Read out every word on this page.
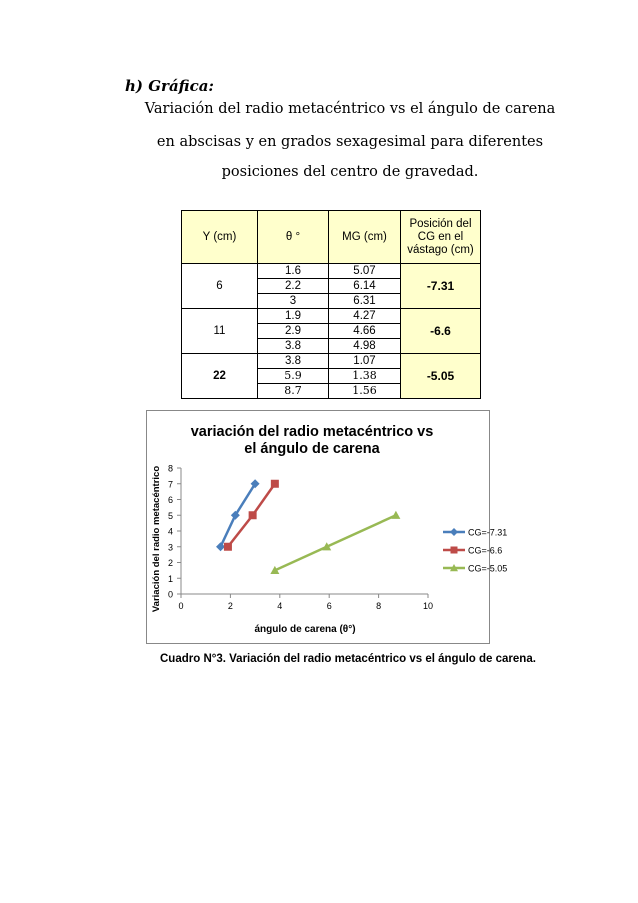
h) Gráfica:
Variación del radio metacéntrico vs el ángulo de carena
en abscisas y en grados sexagesimal para diferentes
posiciones del centro de gravedad.
Y (cm)	θ °	MG (cm)	Posición del CG en el vástago (cm)
6	1.6	5.07	-7.31
	2.2	6.14	
	3	6.31	
11	1.9	4.27	-6.6
	2.9	4.66	
	3.8	4.98	
22	3.8	1.07	-5.05
	5.9	1.38	
	8.7	1.56	
variación del radio metacéntrico vs
el ángulo de carena
Variación del radio metacéntrico
ángulo de carena (θ°)
0
1
2
3
4
5
6
7
8
0	2	4	6	8	10
CG=-7.31
CG=-6.6
CG=-5.05
Cuadro N°3. Variación del radio metacéntrico vs el ángulo de carena.
